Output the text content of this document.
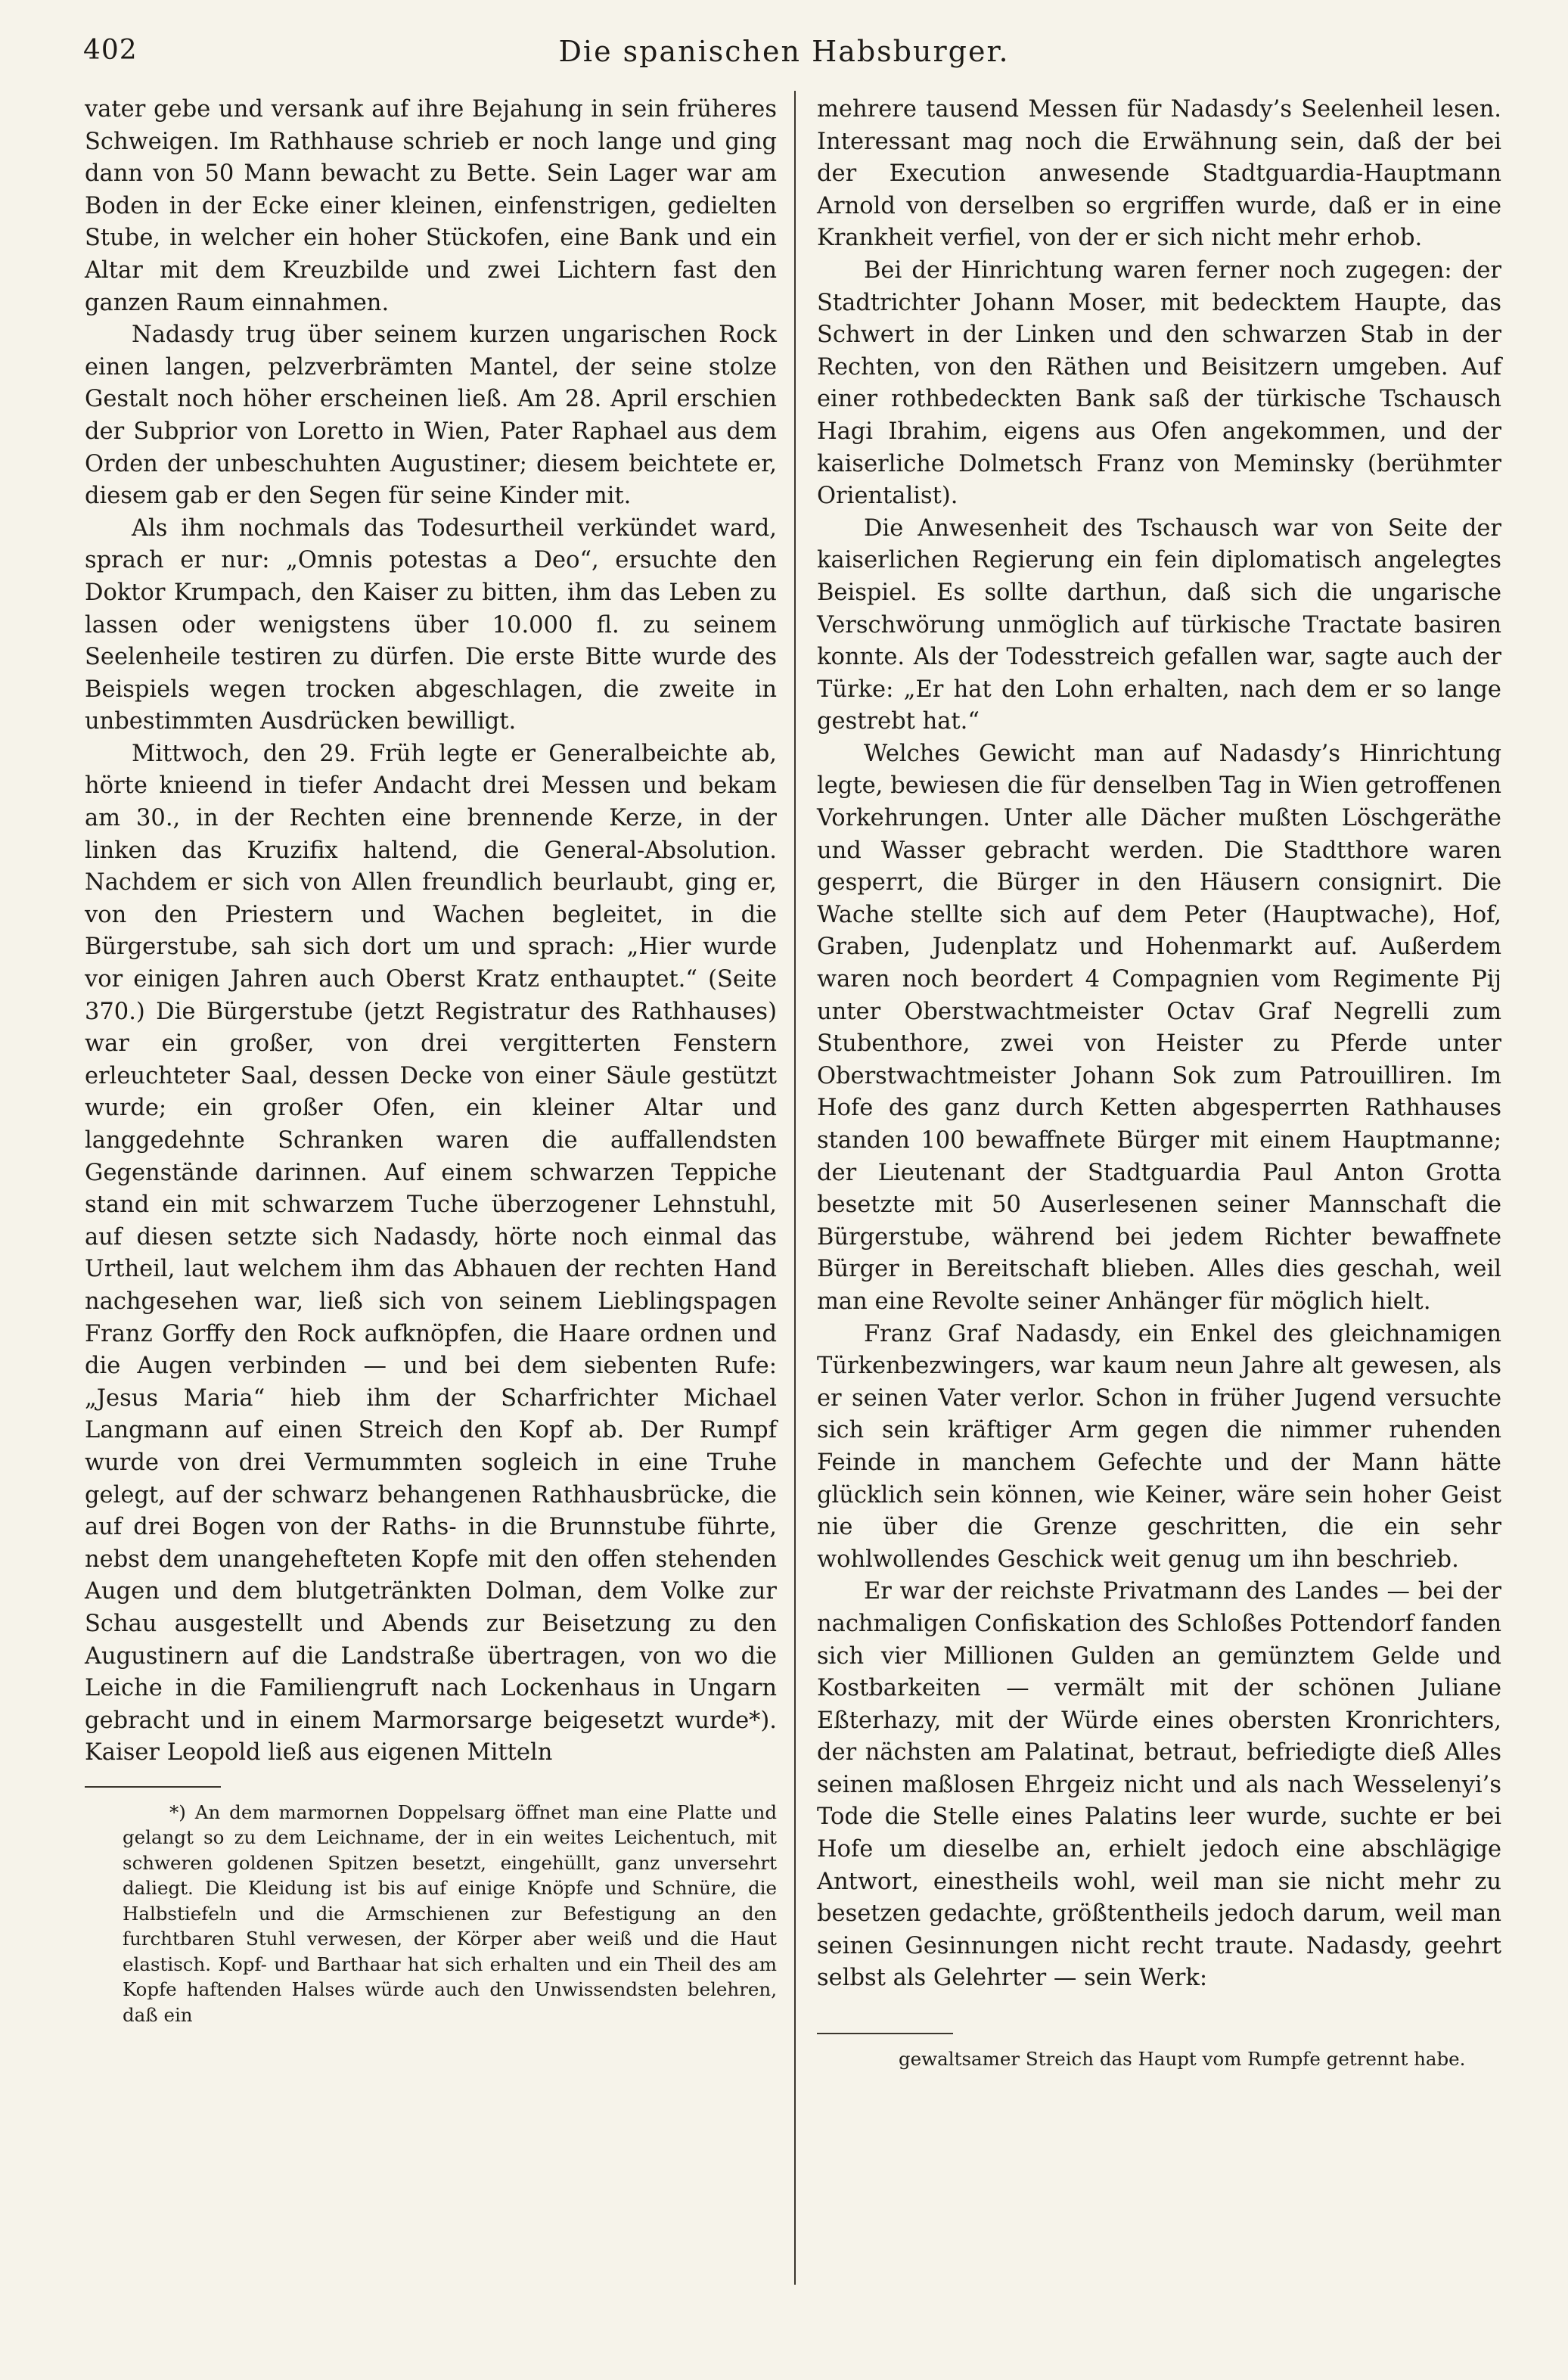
402	Die spanischen Habsburger.

vater gebe und versank auf ihre Bejahung in sein früheres Schweigen. Im Rathhause schrieb er noch lange und ging dann von 50 Mann bewacht zu Bette. Sein Lager war am Boden in der Ecke einer kleinen, einfenstrigen, gedielten Stube, in welcher ein hoher Stückofen, eine Bank und ein Altar mit dem Kreuzbilde und zwei Lichtern fast den ganzen Raum einnahmen.

Nadasdy trug über seinem kurzen ungarischen Rock einen langen, pelzverbrämten Mantel, der seine stolze Gestalt noch höher erscheinen ließ. Am 28. April erschien der Subprior von Loretto in Wien, Pater Raphael aus dem Orden der unbeschuhten Augustiner; diesem beichtete er, diesem gab er den Segen für seine Kinder mit.

Als ihm nochmals das Todesurtheil verkündet ward, sprach er nur: „Omnis potestas a Deo“, ersuchte den Doktor Krumpach, den Kaiser zu bitten, ihm das Leben zu lassen oder wenigstens über 10.000 fl. zu seinem Seelenheile testiren zu dürfen. Die erste Bitte wurde des Beispiels wegen trocken abgeschlagen, die zweite in unbestimmten Ausdrücken bewilligt.

Mittwoch, den 29. Früh legte er Generalbeichte ab, hörte knieend in tiefer Andacht drei Messen und bekam am 30., in der Rechten eine brennende Kerze, in der linken das Kruzifix haltend, die General-Absolution. Nachdem er sich von Allen freundlich beurlaubt, ging er, von den Priestern und Wachen begleitet, in die Bürgerstube, sah sich dort um und sprach: „Hier wurde vor einigen Jahren auch Oberst Kratz enthauptet.“ (Seite 370.) Die Bürgerstube (jetzt Registratur des Rathhauses) war ein großer, von drei vergitterten Fenstern erleuchteter Saal, dessen Decke von einer Säule gestützt wurde; ein großer Ofen, ein kleiner Altar und langgedehnte Schranken waren die auffallendsten Gegenstände darinnen. Auf einem schwarzen Teppiche stand ein mit schwarzem Tuche überzogener Lehnstuhl, auf diesen setzte sich Nadasdy, hörte noch einmal das Urtheil, laut welchem ihm das Abhauen der rechten Hand nachgesehen war, ließ sich von seinem Lieblingspagen Franz Gorffy den Rock aufknöpfen, die Haare ordnen und die Augen verbinden — und bei dem siebenten Rufe: „Jesus Maria“ hieb ihm der Scharfrichter Michael Langmann auf einen Streich den Kopf ab. Der Rumpf wurde von drei Vermummten sogleich in eine Truhe gelegt, auf der schwarz behangenen Rathhausbrücke, die auf drei Bogen von der Raths- in die Brunnstube führte, nebst dem unangehefteten Kopfe mit den offen stehenden Augen und dem blutgetränkten Dolman, dem Volke zur Schau ausgestellt und Abends zur Beisetzung zu den Augustinern auf die Landstraße übertragen, von wo die Leiche in die Familiengruft nach Lockenhaus in Ungarn gebracht und in einem Marmorsarge beigesetzt wurde*). Kaiser Leopold ließ aus eigenen Mitteln

*) An dem marmornen Doppelsarg öffnet man eine Platte und gelangt so zu dem Leichname, der in ein weites Leichentuch, mit schweren goldenen Spitzen besetzt, eingehüllt, ganz unversehrt daliegt. Die Kleidung ist bis auf einige Knöpfe und Schnüre, die Halbstiefeln und die Armschienen zur Befestigung an den furchtbaren Stuhl verwesen, der Körper aber weiß und die Haut elastisch. Kopf- und Barthaar hat sich erhalten und ein Theil des am Kopfe haftenden Halses würde auch den Unwissendsten belehren, daß ein

mehrere tausend Messen für Nadasdy’s Seelenheil lesen. Interessant mag noch die Erwähnung sein, daß der bei der Execution anwesende Stadtguardia-Hauptmann Arnold von derselben so ergriffen wurde, daß er in eine Krankheit verfiel, von der er sich nicht mehr erhob.

Bei der Hinrichtung waren ferner noch zugegen: der Stadtrichter Johann Moser, mit bedecktem Haupte, das Schwert in der Linken und den schwarzen Stab in der Rechten, von den Räthen und Beisitzern umgeben. Auf einer rothbedeckten Bank saß der türkische Tschausch Hagi Ibrahim, eigens aus Ofen angekommen, und der kaiserliche Dolmetsch Franz von Meminsky (berühmter Orientalist).

Die Anwesenheit des Tschausch war von Seite der kaiserlichen Regierung ein fein diplomatisch angelegtes Beispiel. Es sollte darthun, daß sich die ungarische Verschwörung unmöglich auf türkische Tractate basiren konnte. Als der Todesstreich gefallen war, sagte auch der Türke: „Er hat den Lohn erhalten, nach dem er so lange gestrebt hat.“

Welches Gewicht man auf Nadasdy’s Hinrichtung legte, bewiesen die für denselben Tag in Wien getroffenen Vorkehrungen. Unter alle Dächer mußten Löschgeräthe und Wasser gebracht werden. Die Stadtthore waren gesperrt, die Bürger in den Häusern consignirt. Die Wache stellte sich auf dem Peter (Hauptwache), Hof, Graben, Judenplatz und Hohenmarkt auf. Außerdem waren noch beordert 4 Compagnien vom Regimente Pij unter Oberstwachtmeister Octav Graf Negrelli zum Stubenthore, zwei von Heister zu Pferde unter Oberstwachtmeister Johann Sok zum Patrouilliren. Im Hofe des ganz durch Ketten abgesperrten Rathhauses standen 100 bewaffnete Bürger mit einem Hauptmanne; der Lieutenant der Stadtguardia Paul Anton Grotta besetzte mit 50 Auserlesenen seiner Mannschaft die Bürgerstube, während bei jedem Richter bewaffnete Bürger in Bereitschaft blieben. Alles dies geschah, weil man eine Revolte seiner Anhänger für möglich hielt.

Franz Graf Nadasdy, ein Enkel des gleichnamigen Türkenbezwingers, war kaum neun Jahre alt gewesen, als er seinen Vater verlor. Schon in früher Jugend versuchte sich sein kräftiger Arm gegen die nimmer ruhenden Feinde in manchem Gefechte und der Mann hätte glücklich sein können, wie Keiner, wäre sein hoher Geist nie über die Grenze geschritten, die ein sehr wohlwollendes Geschick weit genug um ihn beschrieb.

Er war der reichste Privatmann des Landes — bei der nachmaligen Confiskation des Schloßes Pottendorf fanden sich vier Millionen Gulden an gemünztem Gelde und Kostbarkeiten — vermält mit der schönen Juliane Eßterhazy, mit der Würde eines obersten Kronrichters, der nächsten am Palatinat, betraut, befriedigte dieß Alles seinen maßlosen Ehrgeiz nicht und als nach Wesselenyi’s Tode die Stelle eines Palatins leer wurde, suchte er bei Hofe um dieselbe an, erhielt jedoch eine abschlägige Antwort, einestheils wohl, weil man sie nicht mehr zu besetzen gedachte, größtentheils jedoch darum, weil man seinen Gesinnungen nicht recht traute. Nadasdy, geehrt selbst als Gelehrter — sein Werk:

gewaltsamer Streich das Haupt vom Rumpfe getrennt habe.
